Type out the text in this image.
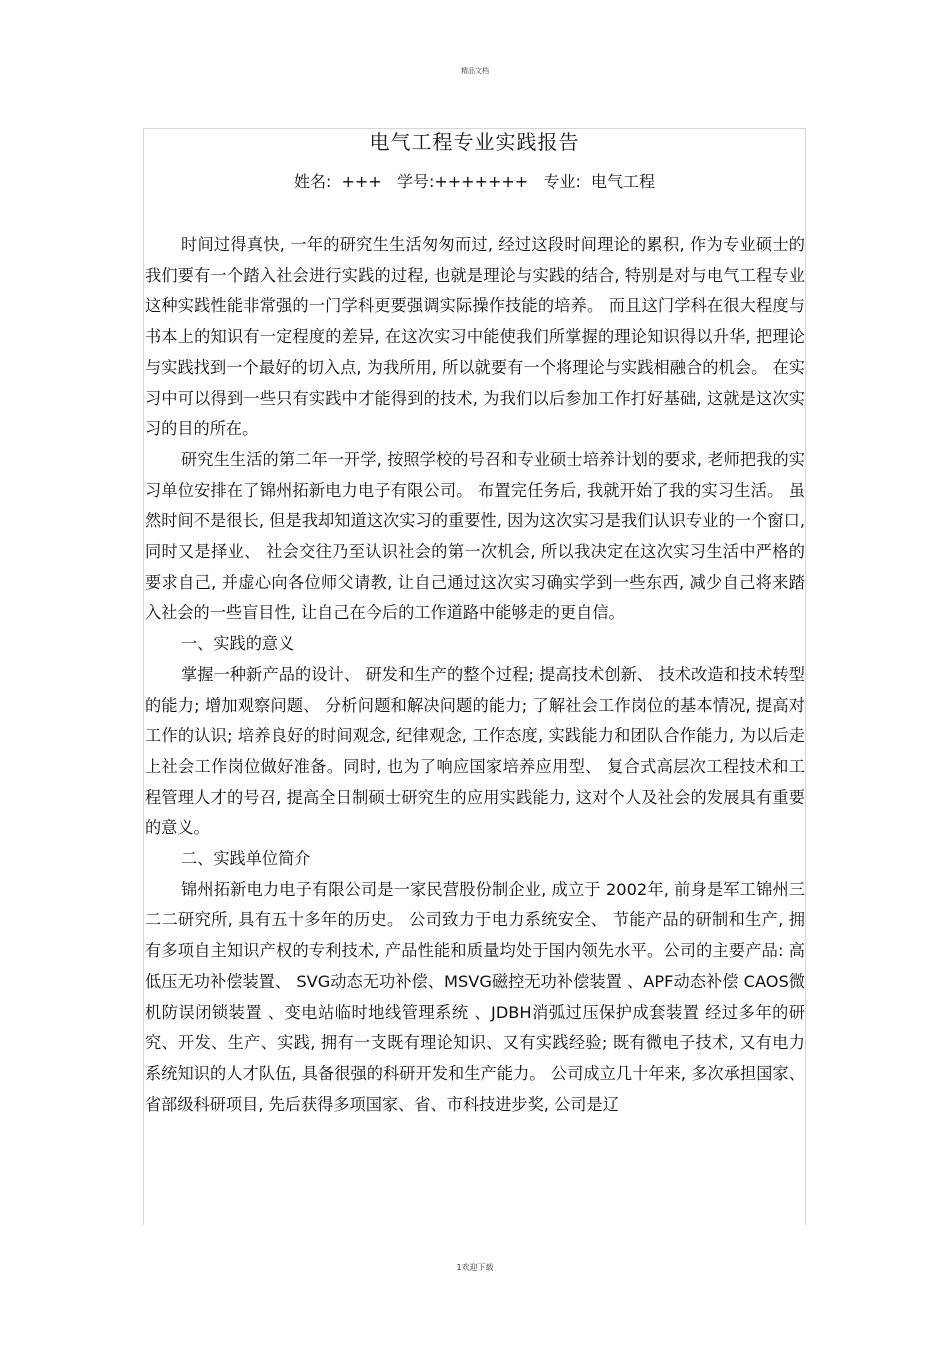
精品文档
电气工程专业实践报告
姓名:  +++   学号:+++++++   专业:  电气工程

时间过得真快, 一年的研究生生活匆匆而过, 经过这段时间理论的累积, 作为专业硕士的我们要有一个踏入社会进行实践的过程, 也就是理论与实践的结合, 特别是对与电气工程专业这种实践性能非常强的一门学科更要强调实际操作技能的培养。 而且这门学科在很大程度与书本上的知识有一定程度的差异, 在这次实习中能使我们所掌握的理论知识得以升华, 把理论与实践找到一个最好的切入点, 为我所用, 所以就要有一个将理论与实践相融合的机会。 在实习中可以得到一些只有实践中才能得到的技术, 为我们以后参加工作打好基础, 这就是这次实习的目的所在。

研究生生活的第二年一开学, 按照学校的号召和专业硕士培养计划的要求, 老师把我的实习单位安排在了锦州拓新电力电子有限公司。 布置完任务后, 我就开始了我的实习生活。 虽然时间不是很长, 但是我却知道这次实习的重要性, 因为这次实习是我们认识专业的一个窗口, 同时又是择业、 社会交往乃至认识社会的第一次机会, 所以我决定在这次实习生活中严格的要求自己, 并虚心向各位师父请教, 让自己通过这次实习确实学到一些东西, 减少自己将来踏入社会的一些盲目性, 让自己在今后的工作道路中能够走的更自信。

一、实践的意义

掌握一种新产品的设计、 研发和生产的整个过程; 提高技术创新、 技术改造和技术转型的能力; 增加观察问题、 分析问题和解决问题的能力; 了解社会工作岗位的基本情况, 提高对工作的认识; 培养良好的时间观念, 纪律观念, 工作态度, 实践能力和团队合作能力, 为以后走上社会工作岗位做好准备。同时, 也为了响应国家培养应用型、 复合式高层次工程技术和工程管理人才的号召, 提高全日制硕士研究生的应用实践能力, 这对个人及社会的发展具有重要的意义。

二、实践单位简介

锦州拓新电力电子有限公司是一家民营股份制企业, 成立于 2002年, 前身是军工锦州三二二研究所, 具有五十多年的历史。 公司致力于电力系统安全、 节能产品的研制和生产, 拥有多项自主知识产权的专利技术, 产品性能和质量均处于国内领先水平。公司的主要产品: 高低压无功补偿装置、 SVG动态无功补偿、MSVG磁控无功补偿装置 、APF动态补偿 CAOS微机防误闭锁装置 、变电站临时地线管理系统 、JDBH消弧过压保护成套装置 经过多年的研究、开发、生产、实践, 拥有一支既有理论知识、又有实践经验; 既有微电子技术, 又有电力系统知识的人才队伍, 具备很强的科研开发和生产能力。 公司成立几十年来, 多次承担国家、省部级科研项目, 先后获得多项国家、省、市科技进步奖, 公司是辽

1欢迎下载
